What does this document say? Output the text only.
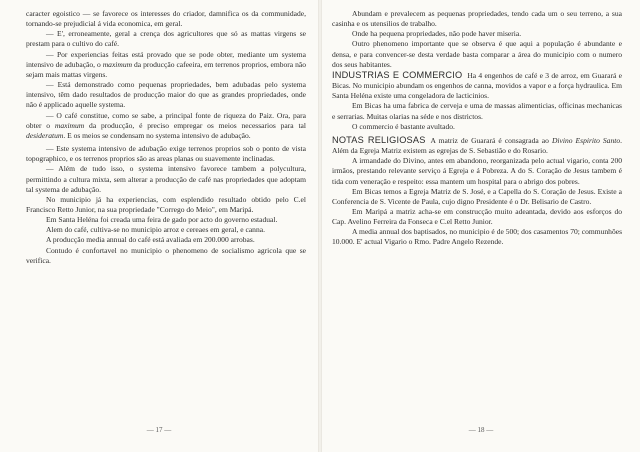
caracter egoistico — se favorece os interesses do criador, damnifica os da communidade, tornando-se prejudicial á vida economica, em geral.

— E', erroneamente, geral a crença dos agricultores que só as mattas virgens se prestam para o cultivo do café.

— Por experiencias feitas está provado que se pode obter, mediante um systema intensivo de adubação, o maximum da producção cafeeira, em terrenos proprios, embora não sejam mais mattas virgens.

— Está demonstrado como pequenas propriedades, bem adubadas pelo systema intensivo, têm dado resultados de producção maior do que as grandes propriedades, onde não é applicado aquelle systema.

— O café constitue, como se sabe, a principal fonte de riqueza do Paiz. Ora, para obter o maximum da producção, é preciso empregar os meios necessarios para tal desideratum. E os meios se condensam no systema intensivo de adubação.

— Este systema intensivo de adubação exige terrenos proprios sob o ponto de vista topographico, e os terrenos proprios são as areas planas ou suavemente inclinadas.

— Além de tudo isso, o systema intensivo favorece tambem a polycultura, permittindo a cultura mixta, sem alterar a producção de café nas propriedades que adoptam tal systema de adubação.

No municipio já ha experiencias, com esplendido resultado obtido pelo C.el Francisco Retto Junior, na sua propriedade "Corrego do Meio", em Maripá.

Em Santa Heléna foi creada uma feira de gado por acto do governo estadual.

Alem do café, cultiva-se no municipio arroz e cereaes em geral, e canna.

A producção media annual do café está avaliada em 200.000 arrobas.

Contudo é confortavel no municipio o phenomeno de socialismo agricola que se verifica.

— 17 —

Abundam e prevalecem as pequenas propriedades, tendo cada um o seu terreno, a sua casinha e os utensilios de trabalho.

Onde ha pequena propriedades, não pode haver miseria.

Outro phenomeno importante que se observa é que aqui a população é abundante e densa, e para convencer-se desta verdade basta comparar a área do municipio com o numero dos seus habitantes.

INDUSTRIAS E COMMERCIO Ha 4 engenhos de café e 3 de arroz, em Guarará e Bicas. No municipio abundam os engenhos de canna, movidos a vapor e a força hydraulica. Em Santa Heléna existe uma congeladora de lacticinios.

Em Bicas ha uma fabrica de cerveja e uma de massas alimenticias, officinas mechanicas e serrarias. Muitas olarias na séde e nos districtos.

O commercio é bastante avultado.

NOTAS RELIGIOSAS A matriz de Guarará é consagrada ao Divino Espirito Santo. Além da Egreja Matriz existem as egrejas de S. Sebastião e do Rosario.

A irmandade do Divino, antes em abandono, reorganizada pelo actual vigario, conta 200 irmãos, prestando relevante serviço á Egreja e á Pobreza. A do S. Coração de Jesus tambem é tida com veneração e respeito: essa mantem um hospital para o abrigo dos pobres.

Em Bicas temos a Egreja Matriz de S. José, e a Capella do S. Coração de Jesus. Existe a Conferencia de S. Vicente de Paula, cujo digno Presidente é o Dr. Belisario de Castro.

Em Maripá a matriz acha-se em construcção muito adeantada, devido aos esforços do Cap. Avelino Ferreira da Fonseca e C.el Retto Junior.

A media annual dos baptisados, no municipio é de 500; dos casamentos 70; communhões 10.000. E' actual Vigario o Rmo. Padre Angelo Rezende.

— 18 —
